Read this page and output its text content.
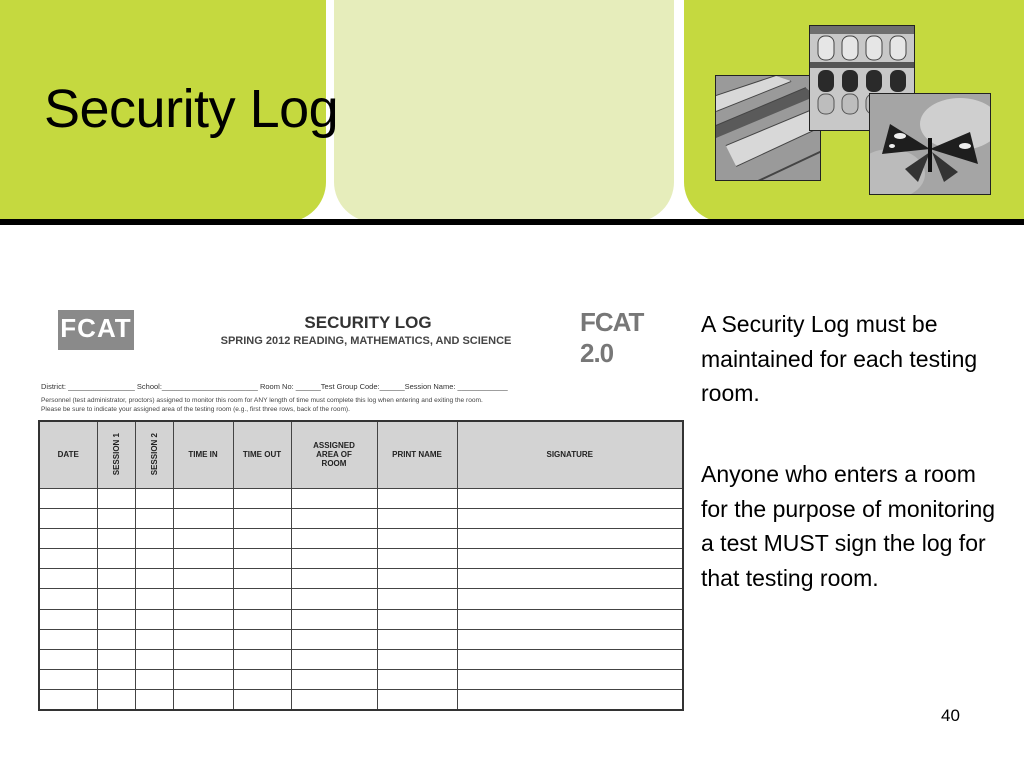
Security Log
FCAT	FCAT 2.0
SECURITY LOG
SPRING 2012 READING, MATHEMATICS, AND SCIENCE
District: ________________ School:_______________________ Room No: ______Test Group Code:______Session Name: ____________
Personnel (test administrator, proctors) assigned to monitor this room for ANY length of time must complete this log when entering and exiting the room.
Please be sure to indicate your assigned area of the testing room (e.g., first three rows, back of the room).
DATE	SESSION 1	SESSION 2	TIME IN	TIME OUT	ASSIGNED AREA OF ROOM	PRINT NAME	SIGNATURE

A Security Log must be maintained for each testing room.

Anyone who enters a room for the purpose of monitoring a test MUST sign the log for that testing room.

40
